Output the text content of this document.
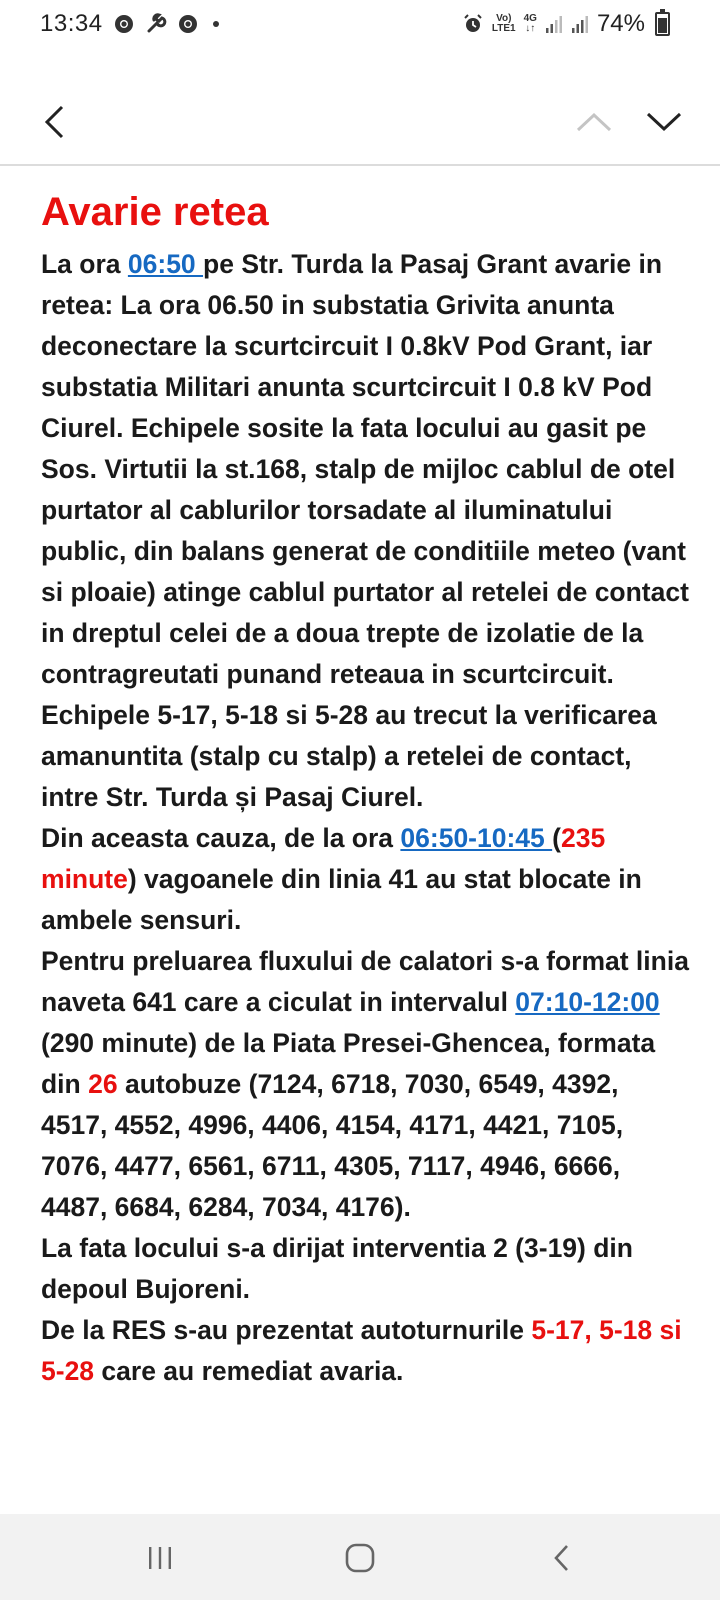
13:34	Vo)
LTE1
4G
↓↑	74%
Avarie retea

La ora 06:50 pe Str. Turda la Pasaj Grant avarie in retea: La ora 06.50 in substatia Grivita anunta deconectare la scurtcircuit I 0.8kV Pod Grant, iar substatia Militari anunta scurtcircuit I 0.8 kV Pod Ciurel. Echipele sosite la fata locului au gasit pe Sos. Virtutii la st.168, stalp de mijloc cablul de otel purtator al cablurilor torsadate al iluminatului public, din balans generat de conditiile meteo (vant si ploaie) atinge cablul purtator al retelei de contact in dreptul celei de a doua trepte de izolatie de la contragreutati punand reteaua in scurtcircuit.

Echipele 5-17, 5-18 si 5-28 au trecut la verificarea amanuntita (stalp cu stalp) a retelei de contact, intre Str. Turda și Pasaj Ciurel.

Din aceasta cauza, de la ora 06:50-10:45 (235 minute) vagoanele din linia 41 au stat blocate in ambele sensuri.

Pentru preluarea fluxului de calatori s-a format linia naveta 641 care a ciculat in intervalul 07:10-12:00 (290 minute) de la Piata Presei-Ghencea, formata din 26 autobuze (7124, 6718, 7030, 6549, 4392, 4517, 4552, 4996, 4406, 4154, 4171, 4421, 7105, 7076, 4477, 6561, 6711, 4305, 7117, 4946, 6666, 4487, 6684, 6284, 7034, 4176).

La fata locului s-a dirijat interventia 2 (3-19) din depoul Bujoreni.

De la RES s-au prezentat autoturnurile 5-17, 5-18 si 5-28 care au remediat avaria.
